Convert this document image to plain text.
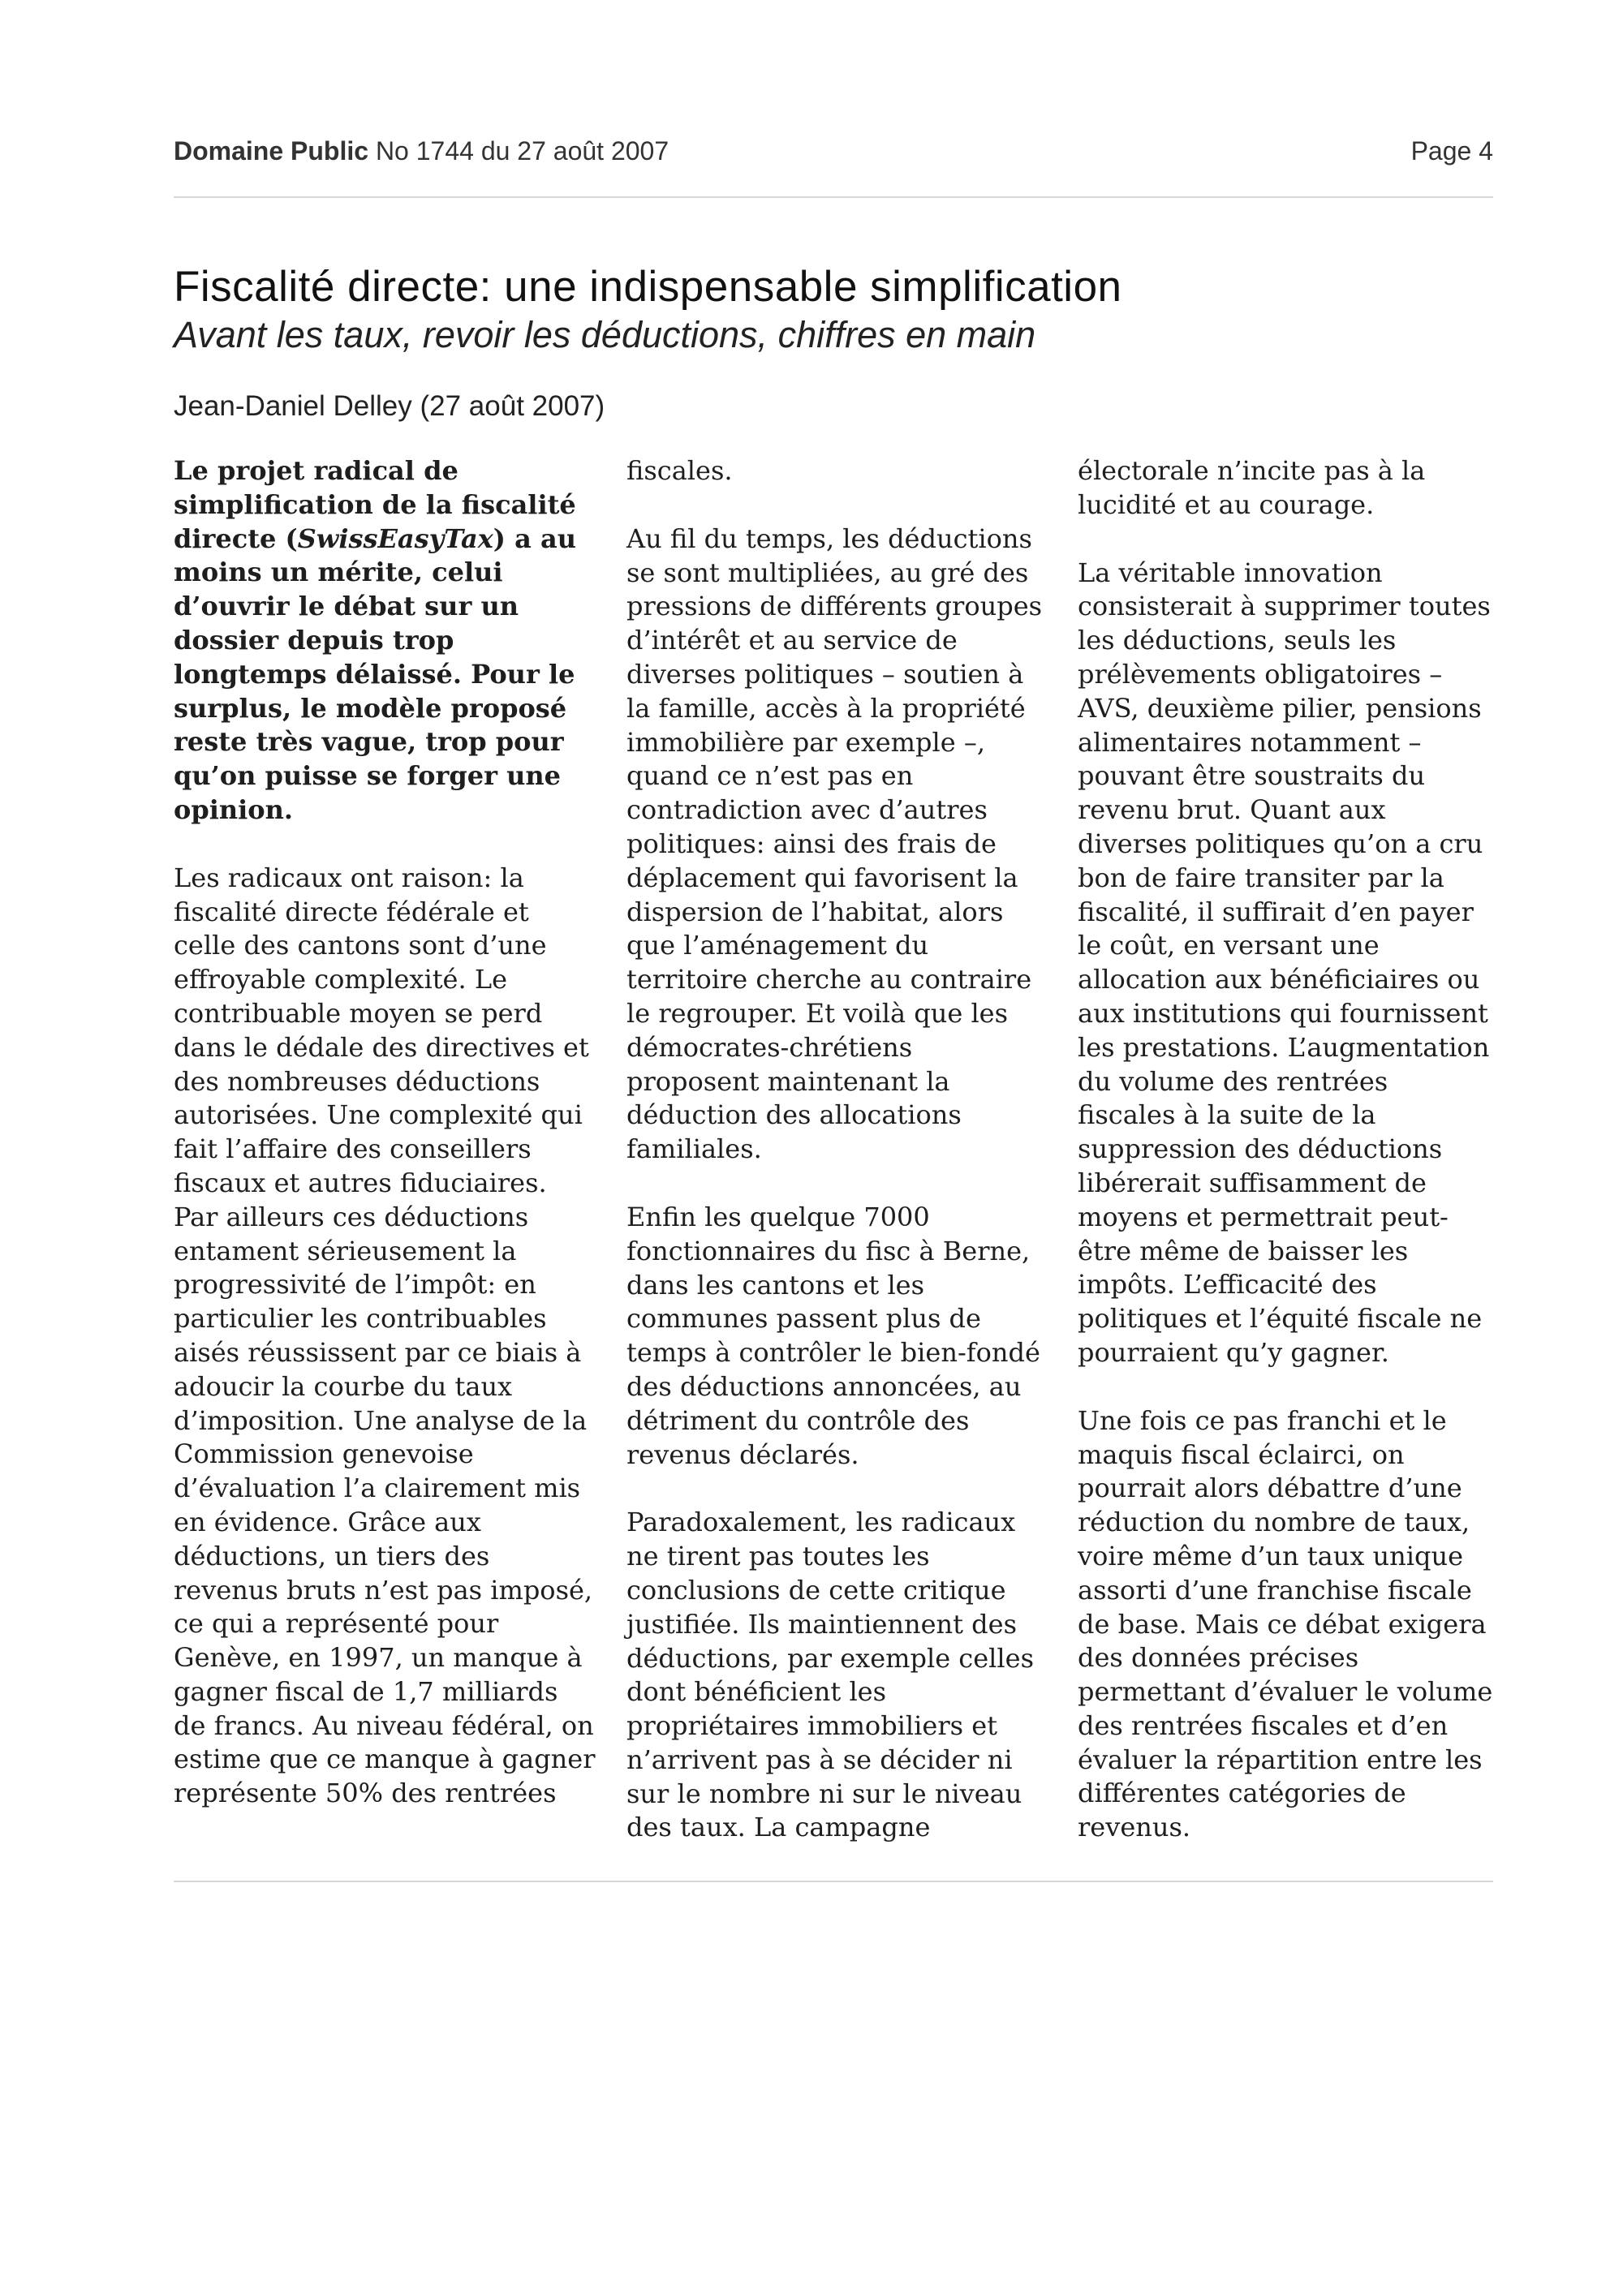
Domaine Public No 1744 du 27 août 2007	Page 4
Fiscalité directe: une indispensable simplification
Avant les taux, revoir les déductions, chiffres en main
Jean-Daniel Delley (27 août 2007)

Le projet radical de simplification de la fiscalité directe (SwissEasyTax) a au moins un mérite, celui d’ouvrir le débat sur un dossier depuis trop longtemps délaissé. Pour le surplus, le modèle proposé reste très vague, trop pour qu’on puisse se forger une opinion.

Les radicaux ont raison: la fiscalité directe fédérale et celle des cantons sont d’une effroyable complexité. Le contribuable moyen se perd dans le dédale des directives et des nombreuses déductions autorisées. Une complexité qui fait l’affaire des conseillers fiscaux et autres fiduciaires. Par ailleurs ces déductions entament sérieusement la progressivité de l’impôt: en particulier les contribuables aisés réussissent par ce biais à adoucir la courbe du taux d’imposition. Une analyse de la Commission genevoise d’évaluation l’a clairement mis en évidence. Grâce aux déductions, un tiers des revenus bruts n’est pas imposé, ce qui a représenté pour Genève, en 1997, un manque à gagner fiscal de 1,7 milliards de francs. Au niveau fédéral, on estime que ce manque à gagner représente 50% des rentrées

fiscales.

Au fil du temps, les déductions se sont multipliées, au gré des pressions de différents groupes d’intérêt et au service de diverses politiques – soutien à la famille, accès à la propriété immobilière par exemple –, quand ce n’est pas en contradiction avec d’autres politiques: ainsi des frais de déplacement qui favorisent la dispersion de l’habitat, alors que l’aménagement du territoire cherche au contraire le regrouper. Et voilà que les démocrates-chrétiens proposent maintenant la déduction des allocations familiales.

Enfin les quelque 7000 fonctionnaires du fisc à Berne, dans les cantons et les communes passent plus de temps à contrôler le bien-fondé des déductions annoncées, au détriment du contrôle des revenus déclarés.

Paradoxalement, les radicaux ne tirent pas toutes les conclusions de cette critique justifiée. Ils maintiennent des déductions, par exemple celles dont bénéficient les propriétaires immobiliers et n’arrivent pas à se décider ni sur le nombre ni sur le niveau des taux. La campagne

électorale n’incite pas à la lucidité et au courage.

La véritable innovation consisterait à supprimer toutes les déductions, seuls les prélèvements obligatoires – AVS, deuxième pilier, pensions alimentaires notamment – pouvant être soustraits du revenu brut. Quant aux diverses politiques qu’on a cru bon de faire transiter par la fiscalité, il suffirait d’en payer le coût, en versant une allocation aux bénéficiaires ou aux institutions qui fournissent les prestations. L’augmentation du volume des rentrées fiscales à la suite de la suppression des déductions libérerait suffisamment de moyens et permettrait peut-être même de baisser les impôts. L’efficacité des politiques et l’équité fiscale ne pourraient qu’y gagner.

Une fois ce pas franchi et le maquis fiscal éclairci, on pourrait alors débattre d’une réduction du nombre de taux, voire même d’un taux unique assorti d’une franchise fiscale de base. Mais ce débat exigera des données précises permettant d’évaluer le volume des rentrées fiscales et d’en évaluer la répartition entre les différentes catégories de revenus.
